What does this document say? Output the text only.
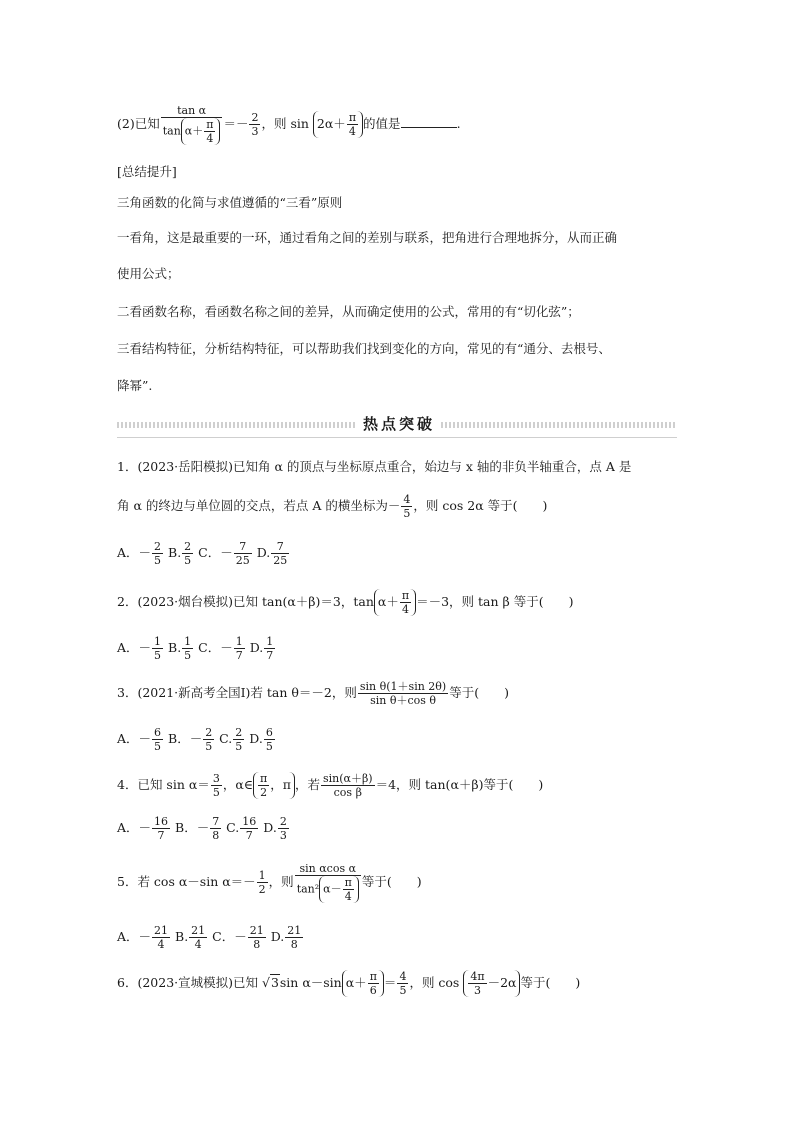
(2)已知 $\frac{\text{tan α}}{\tan \alpha+ \frac{\pi}{4}} =- \frac{2}{3}$ ，则 $\sin 2\alpha+ \frac{\pi}{4}$ 的值是	.
[总结提升]
三角函数的化简与求值遵循的“三看”原则
一看角，这是最重要的一环，通过看角之间的差别与联系，把角进行合理地拆分，从而正确
使用公式；
二看函数名称，看函数名称之间的差异，从而确定使用的公式，常用的有“切化弦”；
三看结构特征，分析结构特征，可以帮助我们找到变化的方向，常见的有“通分、去根号、
降幂”.
热点突破
1．(2023·岳阳模拟)已知角 α 的顶点与坐标原点重合，始边与 x 轴的非负半轴重合，点 A 是
角 α 的终边与单位圆的交点，若点 A 的横坐标为－ $\frac{4}{5}$ ，则 cos 2α 等于(　　)
A．－ $\frac{2}{5} B$. $\frac{2}{5}$ C．－ $\frac{7}{25} D$. $\frac{7}{25}$
2．(2023·烟台模拟)已知 tan(α＋β)＝3，$\tan \alpha+ \frac{\pi}{4} =-3$，则 tan β 等于(　　)
A．－ $\frac{1}{5} B$. $\frac{1}{5}$ C．－ $\frac{1}{7} D$. $\frac{1}{7}$
3．(2021·新高考全国Ⅰ)若 tan θ＝－2，则 $\frac{\text{sin θ(1＋sin 2θ)}}{\text{sin θ＋cos θ}}$ 等于(　　)
A．－ $\frac{6}{5}$ B．－ $\frac{2}{5} C$. $\frac{2}{5} D$. $\frac{6}{5}$
4．已知 $\sin \alpha= \frac{3}{5}$ ，α∈ $\frac{\pi}{2}$ ，π ，若 $\frac{\sin(\alpha+\beta)}{\text{cos β}} =4$，则 tan(α＋β)等于(　　)
A．－ $\frac{16}{7}$ B．－ $\frac{7}{8} C$. $\frac{16}{7} D$. $\frac{2}{3}$
5．若 cos α－sin $\alpha=- \frac{1}{2}$ ，则 $\frac{\text{sin αcos α}}{\tan^2 \alpha- \frac{\pi}{4}}$ 等于(　　)
A．－ $\frac{21}{4} B$. $\frac{21}{4}$ C．－ $\frac{21}{8} D$. $\frac{21}{8}$
6．(2023·宣城模拟)已知 √3sin α－sin $\alpha+ \frac{\pi}{6} = \frac{4}{5}$ ，则 $\cos \frac{4\pi}{3} -2\alpha$ 等于(　　)
